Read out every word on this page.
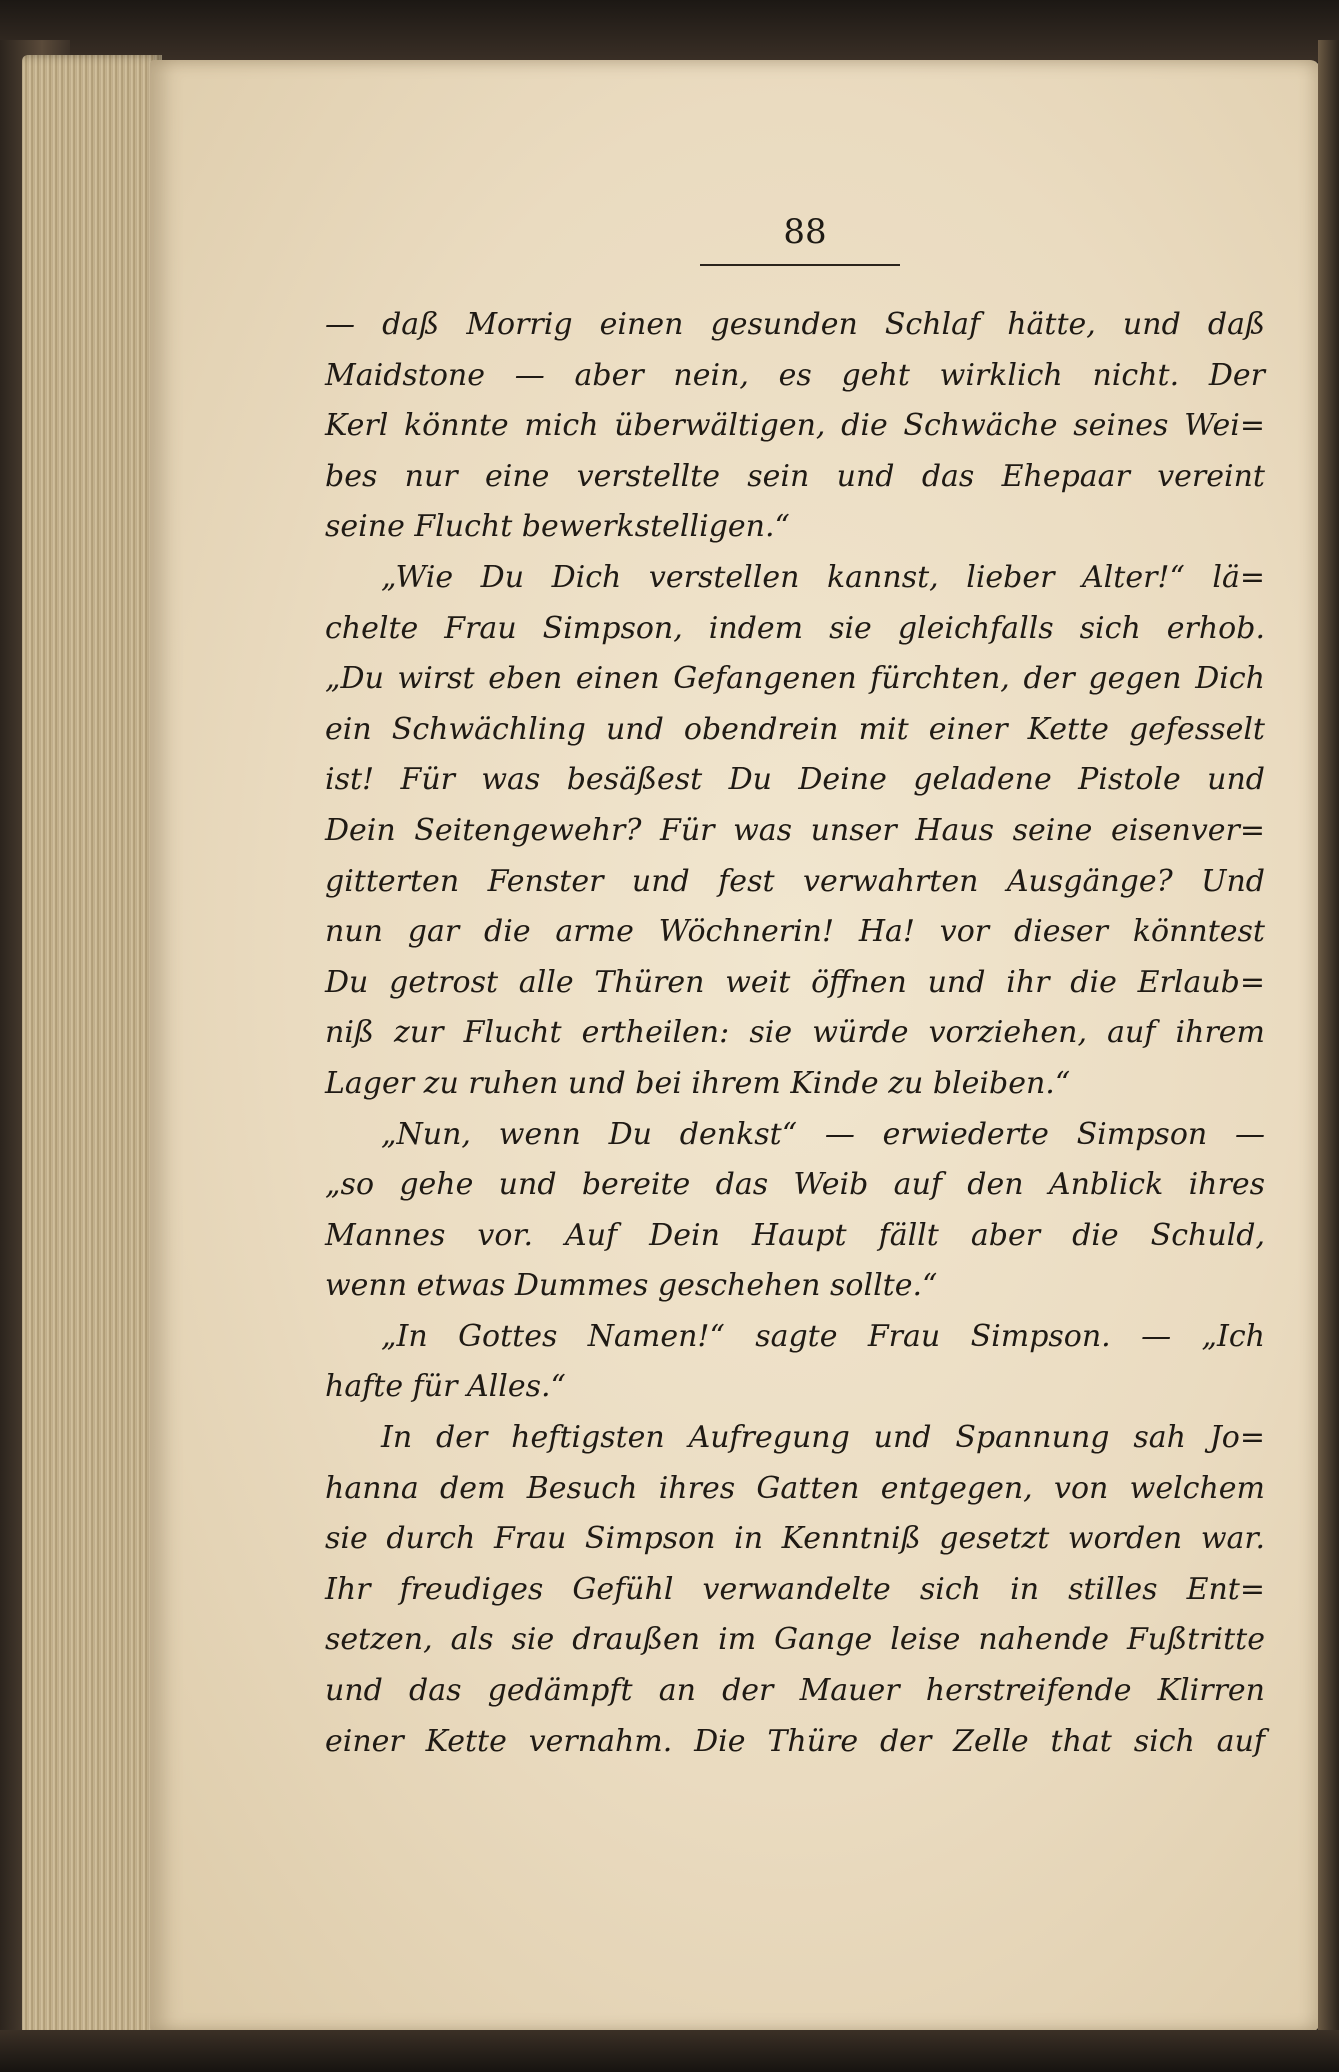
88
— daß Morrig einen gesunden Schlaf hätte, und daß
Maidstone — aber nein, es geht wirklich nicht. Der
Kerl könnte mich überwältigen, die Schwäche seines Wei=
bes nur eine verstellte sein und das Ehepaar vereint
seine Flucht bewerkstelligen.“
„Wie Du Dich verstellen kannst, lieber Alter!“ lä=
chelte Frau Simpson, indem sie gleichfalls sich erhob.
„Du wirst eben einen Gefangenen fürchten, der gegen Dich
ein Schwächling und obendrein mit einer Kette gefesselt
ist! Für was besäßest Du Deine geladene Pistole und
Dein Seitengewehr? Für was unser Haus seine eisenver=
gitterten Fenster und fest verwahrten Ausgänge? Und
nun gar die arme Wöchnerin! Ha! vor dieser könntest
Du getrost alle Thüren weit öffnen und ihr die Erlaub=
niß zur Flucht ertheilen: sie würde vorziehen, auf ihrem
Lager zu ruhen und bei ihrem Kinde zu bleiben.“
„Nun, wenn Du denkst“ — erwiederte Simpson —
„so gehe und bereite das Weib auf den Anblick ihres
Mannes vor. Auf Dein Haupt fällt aber die Schuld,
wenn etwas Dummes geschehen sollte.“
„In Gottes Namen!“ sagte Frau Simpson. — „Ich
hafte für Alles.“
In der heftigsten Aufregung und Spannung sah Jo=
hanna dem Besuch ihres Gatten entgegen, von welchem
sie durch Frau Simpson in Kenntniß gesetzt worden war.
Ihr freudiges Gefühl verwandelte sich in stilles Ent=
setzen, als sie draußen im Gange leise nahende Fußtritte
und das gedämpft an der Mauer herstreifende Klirren
einer Kette vernahm. Die Thüre der Zelle that sich auf
